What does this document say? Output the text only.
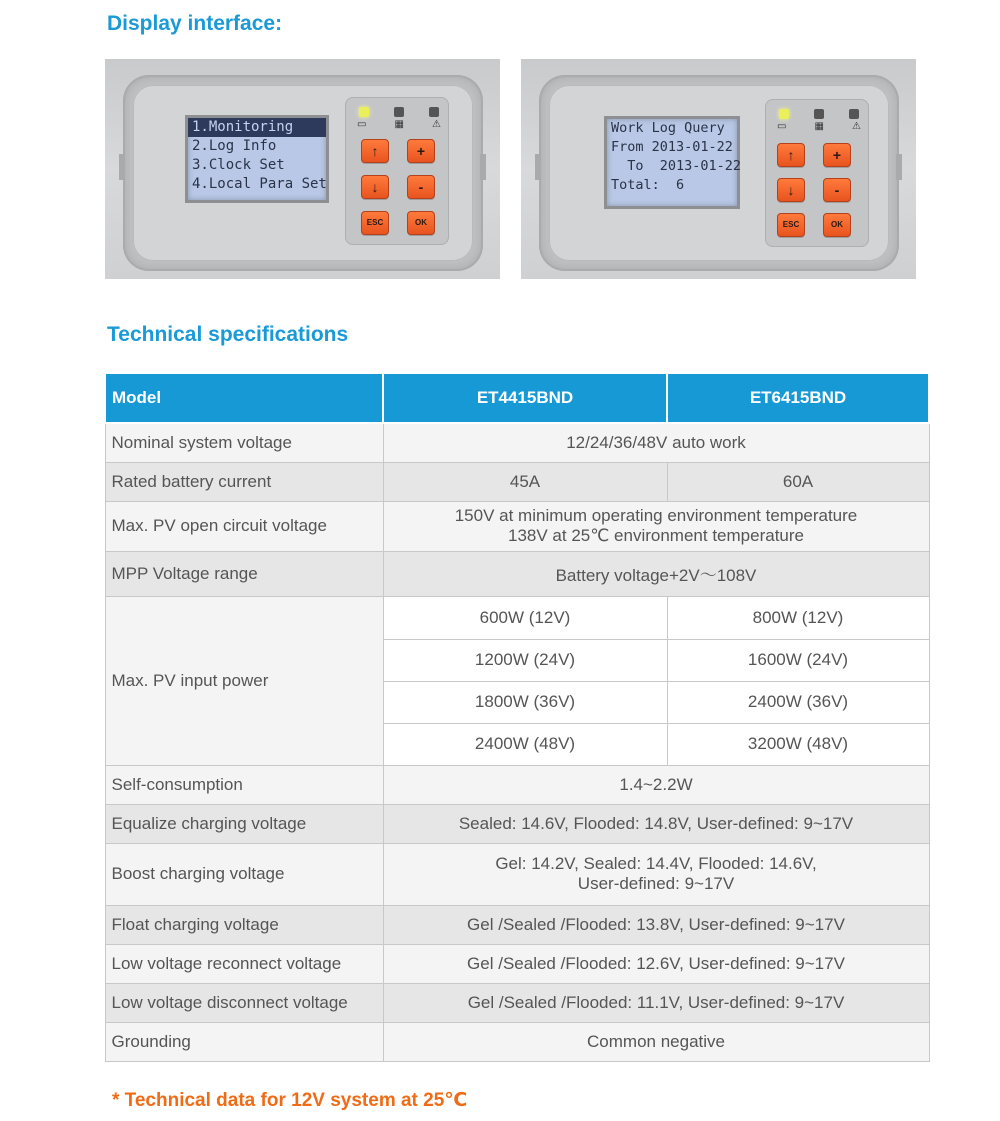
Display interface:
1.Monitoring
2.Log Info
3.Clock Set
4.Local Para Set
▭	▦	⚠
↑	+
↓	-
ESC	OK
Work Log Query
From 2013-01-22
To  2013-01-22
Total:  6
▭	▦	⚠
↑	+
↓	-
ESC	OK
Technical specifications
Model	ET4415BND	ET6415BND
Nominal system voltage	12/24/36/48V auto work	
Rated battery current	45A	60A
Max. PV open circuit voltage	150V at minimum operating environment temperature
138V at 25℃ environment temperature	

MPP Voltage range	Battery voltage+2V～108V	
Max. PV input power	600W (12V)	800W (12V)
	1200W (24V)	1600W (24V)
	1800W (36V)	2400W (36V)
	2400W (48V)	3200W (48V)
Self-consumption	1.4~2.2W	
Equalize charging voltage	Sealed: 14.6V, Flooded: 14.8V, User-defined: 9~17V	
Boost charging voltage	Gel: 14.2V, Sealed: 14.4V, Flooded: 14.6V,
User-defined: 9~17V	

Float charging voltage	Gel /Sealed /Flooded: 13.8V, User-defined: 9~17V	
Low voltage reconnect voltage	Gel /Sealed /Flooded: 12.6V, User-defined: 9~17V	
Low voltage disconnect voltage	Gel /Sealed /Flooded: 11.1V, User-defined: 9~17V	
Grounding	Common negative	
* Technical data for 12V system at 25℃
